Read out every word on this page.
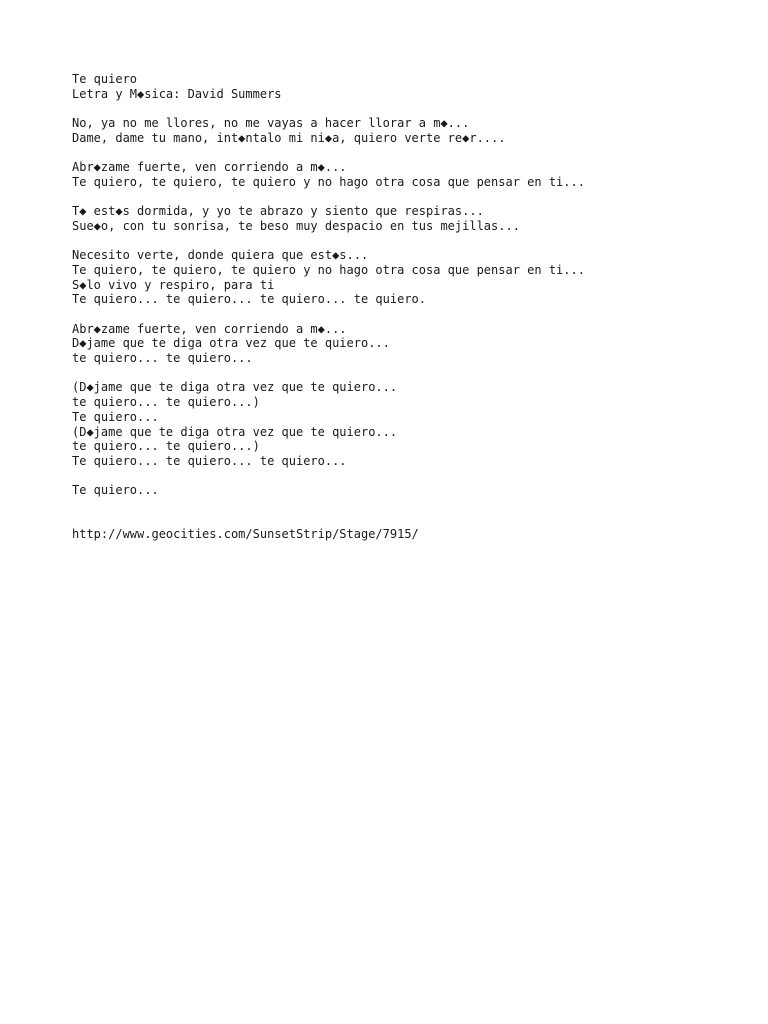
Te quiero
Letra y M◆sica: David Summers
No, ya no me llores, no me vayas a hacer llorar a m◆...
Dame, dame tu mano, int◆ntalo mi ni◆a, quiero verte re◆r....
Abr◆zame fuerte, ven corriendo a m◆...
Te quiero, te quiero, te quiero y no hago otra cosa que pensar en ti...
T◆ est◆s dormida, y yo te abrazo y siento que respiras...
Sue◆o, con tu sonrisa, te beso muy despacio en tus mejillas...
Necesito verte, donde quiera que est◆s...
Te quiero, te quiero, te quiero y no hago otra cosa que pensar en ti...
S◆lo vivo y respiro, para ti
Te quiero... te quiero... te quiero... te quiero.
Abr◆zame fuerte, ven corriendo a m◆...
D◆jame que te diga otra vez que te quiero...
te quiero... te quiero...
(D◆jame que te diga otra vez que te quiero...
te quiero... te quiero...)
Te quiero...
(D◆jame que te diga otra vez que te quiero...
te quiero... te quiero...)
Te quiero... te quiero... te quiero...
Te quiero...
http://www.geocities.com/SunsetStrip/Stage/7915/
